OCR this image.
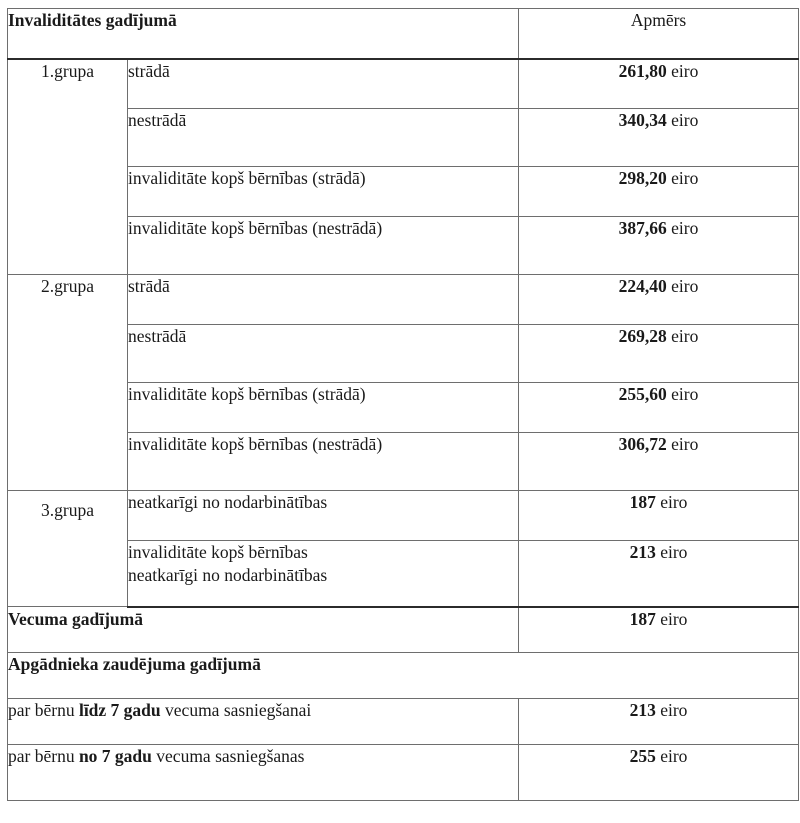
Invaliditātes gadījumā		Apmērs
1.grupa	strādā	261,80 eiro
	nestrādā	340,34 eiro
	invaliditāte kopš bērnības (strādā)	298,20 eiro
	invaliditāte kopš bērnības (nestrādā)	387,66 eiro
2.grupa	strādā	224,40 eiro
	nestrādā	269,28 eiro
	invaliditāte kopš bērnības (strādā)	255,60 eiro
	invaliditāte kopš bērnības (nestrādā)	306,72 eiro
3.grupa	neatkarīgi no nodarbinātības	187 eiro
	invaliditāte kopš bērnības
neatkarīgi no nodarbinātības	213 eiro
Vecuma gadījumā		187 eiro
Apgādnieka zaudējuma gadījumā		
par bērnu līdz 7 gadu vecuma sasniegšanai		213 eiro
par bērnu no 7 gadu vecuma sasniegšanas		255 eiro
